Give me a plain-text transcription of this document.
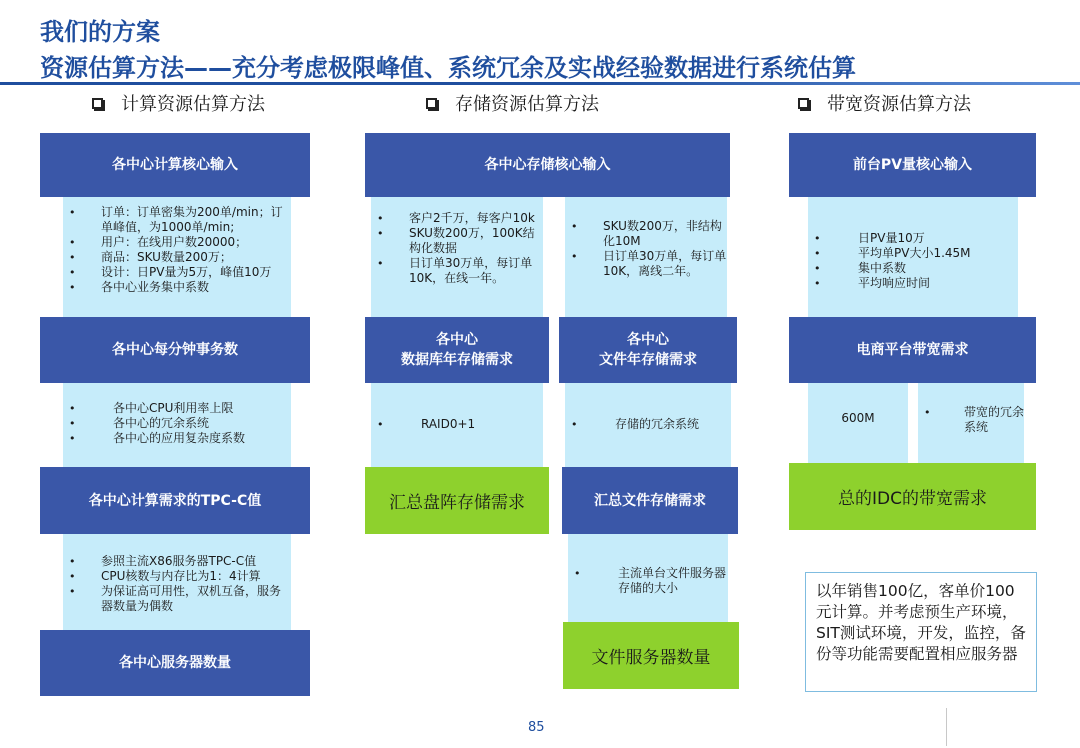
我们的方案
资源估算方法——充分考虑极限峰值、系统冗余及实战经验数据进行系统估算
计算资源估算方法	存储资源估算方法	带宽资源估算方法
各中心计算核心输入
• 订单：订单密集为200单/min；订单峰值，为1000单/min;
• 用户：在线用户数20000；
• 商品：SKU数量200万；
• 设计：日PV量为5万，峰值10万
• 各中心业务集中系数
各中心每分钟事务数
• 各中心CPU利用率上限
• 各中心的冗余系统
• 各中心的应用复杂度系数
各中心计算需求的TPC-C值
• 参照主流X86服务器TPC-C值
• CPU核数与内存比为1：4计算
• 为保证高可用性，双机互备，服务器数量为偶数
各中心服务器数量
各中心存储核心输入
• 客户2千万，每客户10k
• SKU数200万，100K结构化数据
• 日订单30万单，每订单10K，在线一年。
• SKU数200万，非结构化10M
• 日订单30万单，每订单10K，离线二年。
各中心
数据库年存储需求
各中心
文件年存储需求
• RAID0+1	• 存储的冗余系统
汇总盘阵存储需求	汇总文件存储需求
• 主流单台文件服务器存储的大小
文件服务器数量
前台PV量核心输入
• 日PV量10万
• 平均单PV大小1.45M
• 集中系数
• 平均响应时间
电商平台带宽需求
600M	• 带宽的冗余系统
总的IDC的带宽需求
以年销售100亿，客单价100元计算。并考虑预生产环境，SIT测试环境，开发，监控，备份等功能需要配置相应服务器
85
